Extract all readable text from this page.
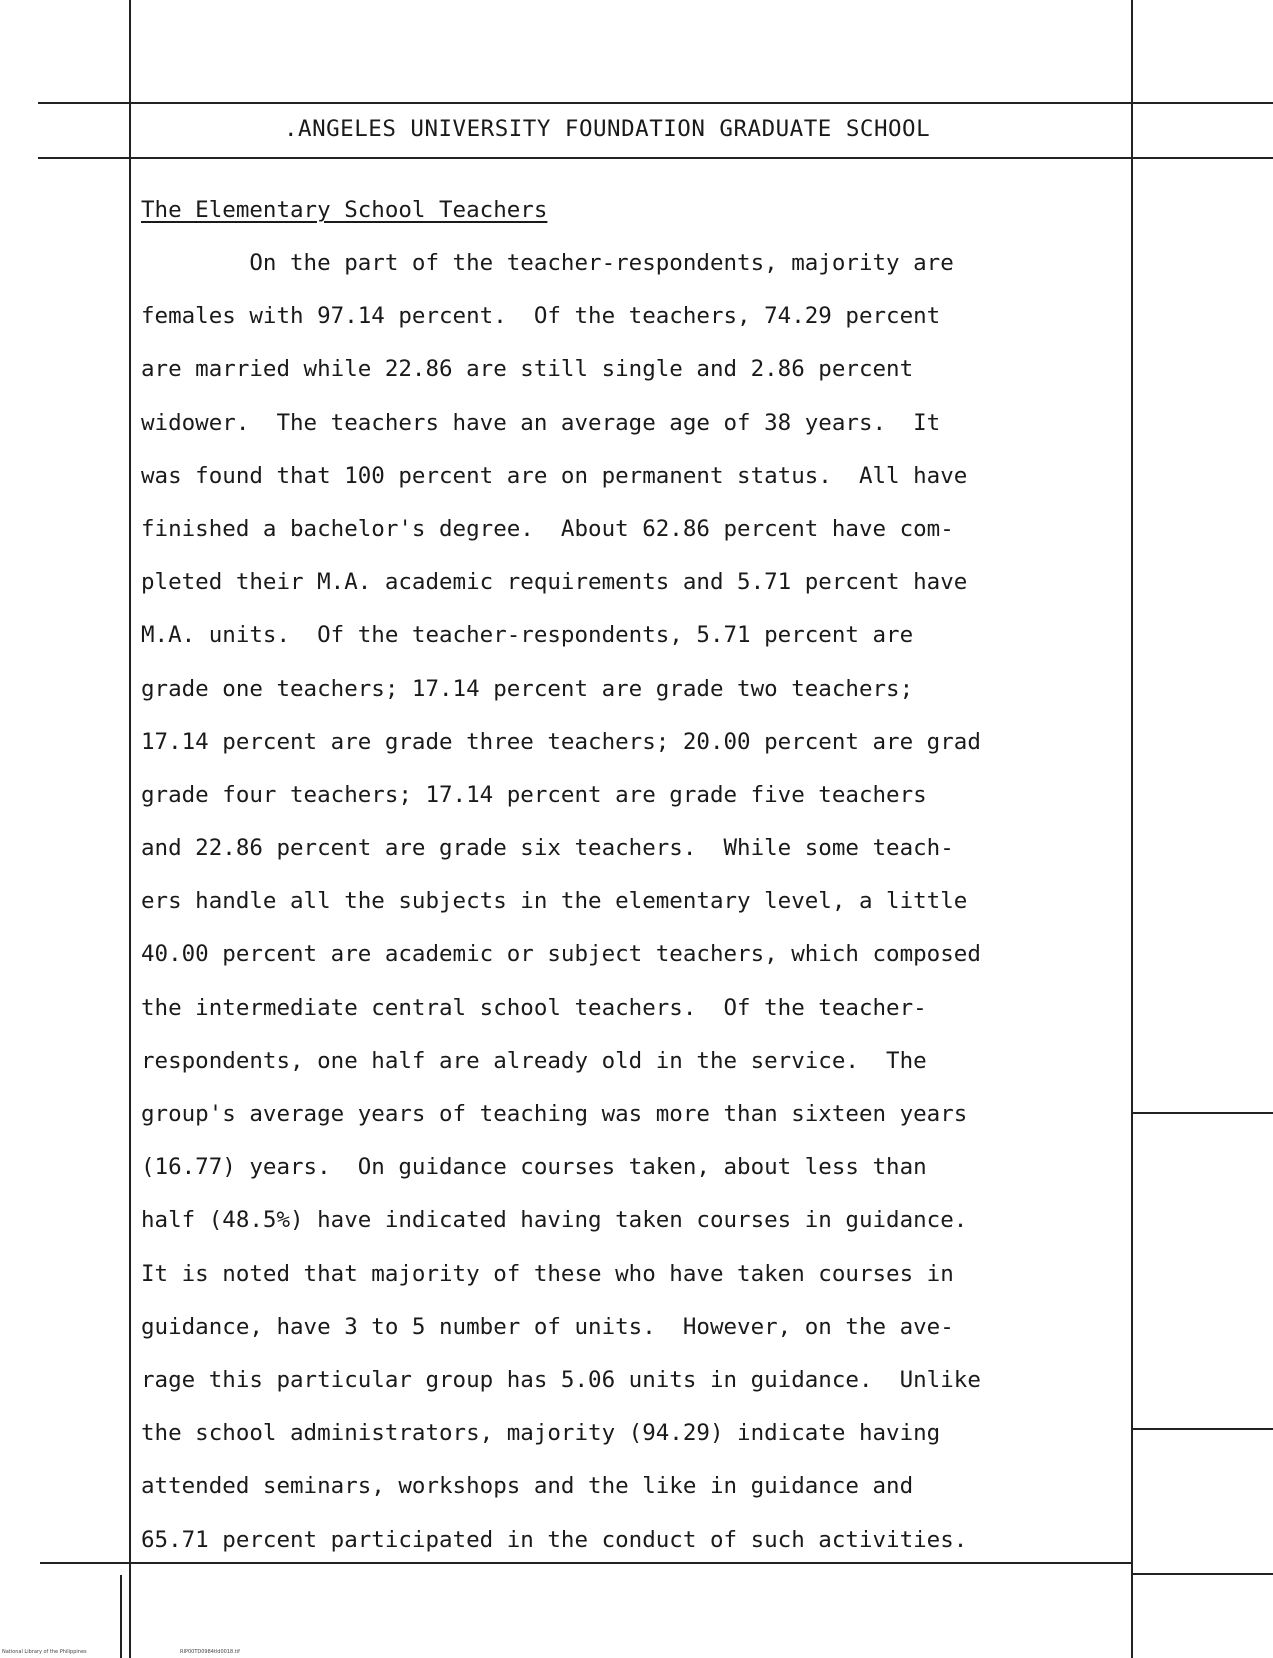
.ANGELES UNIVERSITY FOUNDATION GRADUATE SCHOOL
The Elementary School Teachers
On the part of the teacher-respondents, majority are
females with 97.14 percent.  Of the teachers, 74.29 percent
are married while 22.86 are still single and 2.86 percent
widower.  The teachers have an average age of 38 years.  It
was found that 100 percent are on permanent status.  All have
finished a bachelor's degree.  About 62.86 percent have com-
pleted their M.A. academic requirements and 5.71 percent have
M.A. units.  Of the teacher-respondents, 5.71 percent are
grade one teachers; 17.14 percent are grade two teachers;
17.14 percent are grade three teachers; 20.00 percent are grad
grade four teachers; 17.14 percent are grade five teachers
and 22.86 percent are grade six teachers.  While some teach-
ers handle all the subjects in the elementary level, a little
40.00 percent are academic or subject teachers, which composed
the intermediate central school teachers.  Of the teacher-
respondents, one half are already old in the service.  The
group's average years of teaching was more than sixteen years
(16.77) years.  On guidance courses taken, about less than
half (48.5%) have indicated having taken courses in guidance.
It is noted that majority of these who have taken courses in
guidance, have 3 to 5 number of units.  However, on the ave-
rage this particular group has 5.06 units in guidance.  Unlike
the school administrators, majority (94.29) indicate having
attended seminars, workshops and the like in guidance and
65.71 percent participated in the conduct of such activities.
National Library of the Philippines	RIP00TD0984tld0018.tif
